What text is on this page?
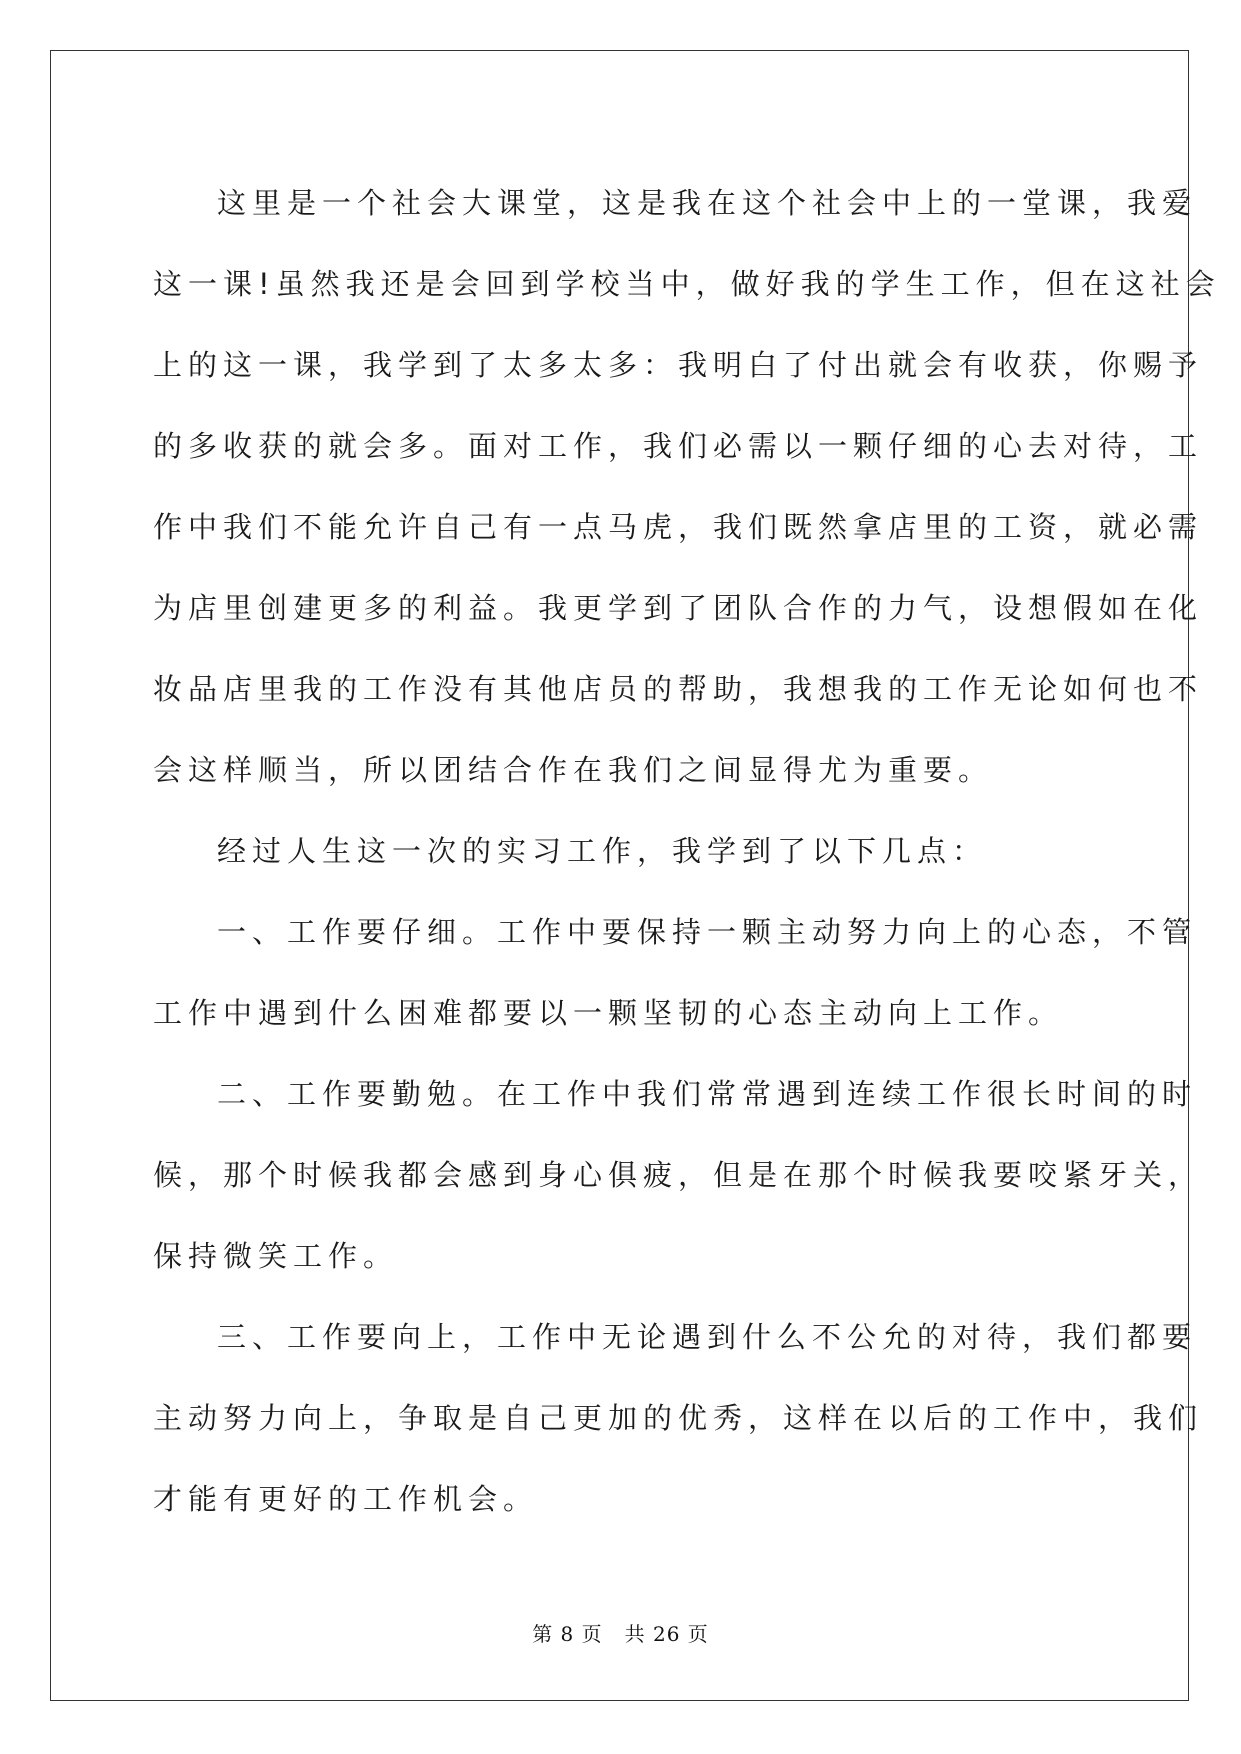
这里是一个社会大课堂，这是我在这个社会中上的一堂课，我爱
这一课!虽然我还是会回到学校当中，做好我的学生工作，但在这社会
上的这一课，我学到了太多太多：我明白了付出就会有收获，你赐予
的多收获的就会多。面对工作，我们必需以一颗仔细的心去对待，工
作中我们不能允许自己有一点马虎，我们既然拿店里的工资，就必需
为店里创建更多的利益。我更学到了团队合作的力气，设想假如在化
妆品店里我的工作没有其他店员的帮助，我想我的工作无论如何也不
会这样顺当，所以团结合作在我们之间显得尤为重要。

经过人生这一次的实习工作，我学到了以下几点：

一、工作要仔细。工作中要保持一颗主动努力向上的心态，不管
工作中遇到什么困难都要以一颗坚韧的心态主动向上工作。

二、工作要勤勉。在工作中我们常常遇到连续工作很长时间的时
候，那个时候我都会感到身心俱疲，但是在那个时候我要咬紧牙关，
保持微笑工作。

三、工作要向上，工作中无论遇到什么不公允的对待，我们都要
主动努力向上，争取是自己更加的优秀，这样在以后的工作中，我们
才能有更好的工作机会。

第 8 页 共 26 页
